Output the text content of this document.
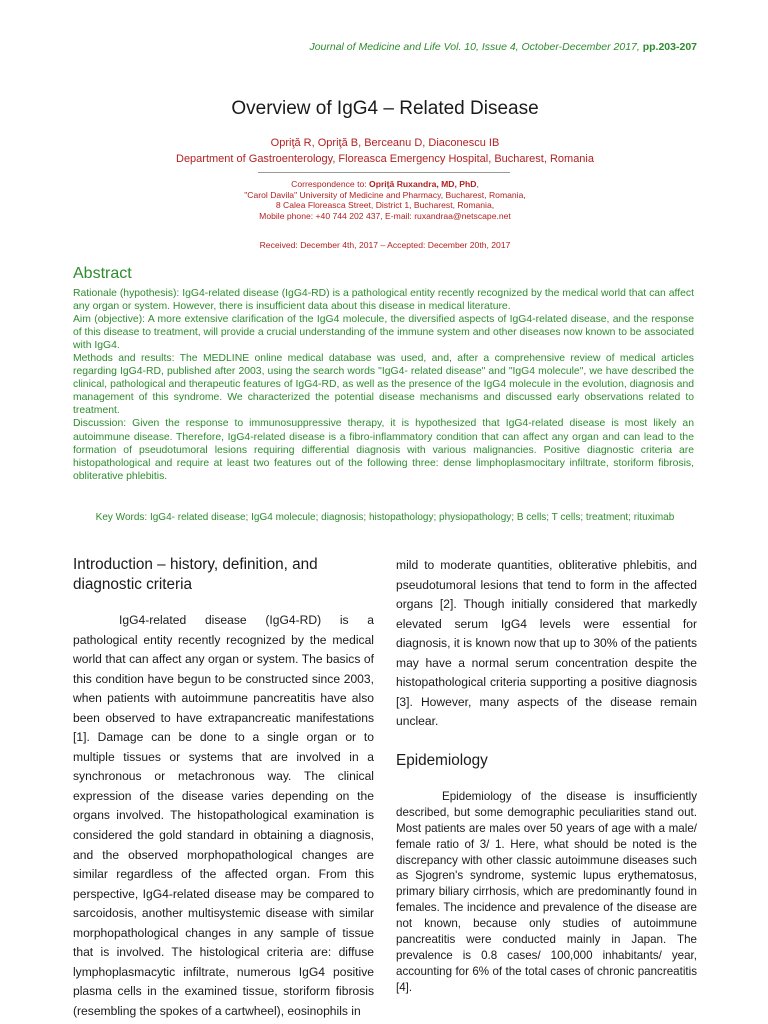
Journal of Medicine and Life Vol. 10, Issue 4, October-December 2017, pp.203-207
Overview of IgG4 – Related Disease
Opriţă R, Opriţă B, Berceanu D, Diaconescu IB
Department of Gastroenterology, Floreasca Emergency Hospital, Bucharest, Romania
Correspondence to: Opriţă Ruxandra, MD, PhD,
"Carol Davila" University of Medicine and Pharmacy, Bucharest, Romania,
8 Calea Floreasca Street, District 1, Bucharest, Romania,
Mobile phone: +40 744 202 437, E-mail: ruxandraa@netscape.net
Received: December 4th, 2017 – Accepted: December 20th, 2017
Abstract

Rationale (hypothesis): IgG4-related disease (IgG4-RD) is a pathological entity recently recognized by the medical world that can affect any organ or system. However, there is insufficient data about this disease in medical literature.

Aim (objective): A more extensive clarification of the IgG4 molecule, the diversified aspects of IgG4-related disease, and the response of this disease to treatment, will provide a crucial understanding of the immune system and other diseases now known to be associated with IgG4.

Methods and results: The MEDLINE online medical database was used, and, after a comprehensive review of medical articles regarding IgG4-RD, published after 2003, using the search words "IgG4- related disease" and "IgG4 molecule", we have described the clinical, pathological and therapeutic features of IgG4-RD, as well as the presence of the IgG4 molecule in the evolution, diagnosis and management of this syndrome. We characterized the potential disease mechanisms and discussed early observations related to treatment.

Discussion: Given the response to immunosuppressive therapy, it is hypothesized that IgG4-related disease is most likely an autoimmune disease. Therefore, IgG4-related disease is a fibro-inflammatory condition that can affect any organ and can lead to the formation of pseudotumoral lesions requiring differential diagnosis with various malignancies. Positive diagnostic criteria are histopathological and require at least two features out of the following three: dense limphoplasmocitary infiltrate, storiform fibrosis, obliterative phlebitis.

Key Words: IgG4- related disease; IgG4 molecule; diagnosis; histopathology; physiopathology; B cells; T cells; treatment; rituximab
Introduction – history, definition, and diagnostic criteria

IgG4-related disease (IgG4-RD) is a pathological entity recently recognized by the medical world that can affect any organ or system. The basics of this condition have begun to be constructed since 2003, when patients with autoimmune pancreatitis have also been observed to have extrapancreatic manifestations [1]. Damage can be done to a single organ or to multiple tissues or systems that are involved in a synchronous or metachronous way. The clinical expression of the disease varies depending on the organs involved. The histopathological examination is considered the gold standard in obtaining a diagnosis, and the observed morphopathological changes are similar regardless of the affected organ. From this perspective, IgG4-related disease may be compared to sarcoidosis, another multisystemic disease with similar morphopathological changes in any sample of tissue that is involved. The histological criteria are: diffuse lymphoplasmacytic infiltrate, numerous IgG4 positive plasma cells in the examined tissue, storiform fibrosis (resembling the spokes of a cartwheel), eosinophils in

mild to moderate quantities, obliterative phlebitis, and pseudotumoral lesions that tend to form in the affected organs [2]. Though initially considered that markedly elevated serum IgG4 levels were essential for diagnosis, it is known now that up to 30% of the patients may have a normal serum concentration despite the histopathological criteria supporting a positive diagnosis [3]. However, many aspects of the disease remain unclear.

Epidemiology

Epidemiology of the disease is insufficiently described, but some demographic peculiarities stand out. Most patients are males over 50 years of age with a male/ female ratio of 3/ 1. Here, what should be noted is the discrepancy with other classic autoimmune diseases such as Sjogren's syndrome, systemic lupus erythematosus, primary biliary cirrhosis, which are predominantly found in females. The incidence and prevalence of the disease are not known, because only studies of autoimmune pancreatitis were conducted mainly in Japan. The prevalence is 0.8 cases/ 100,000 inhabitants/ year, accounting for 6% of the total cases of chronic pancreatitis [4].
